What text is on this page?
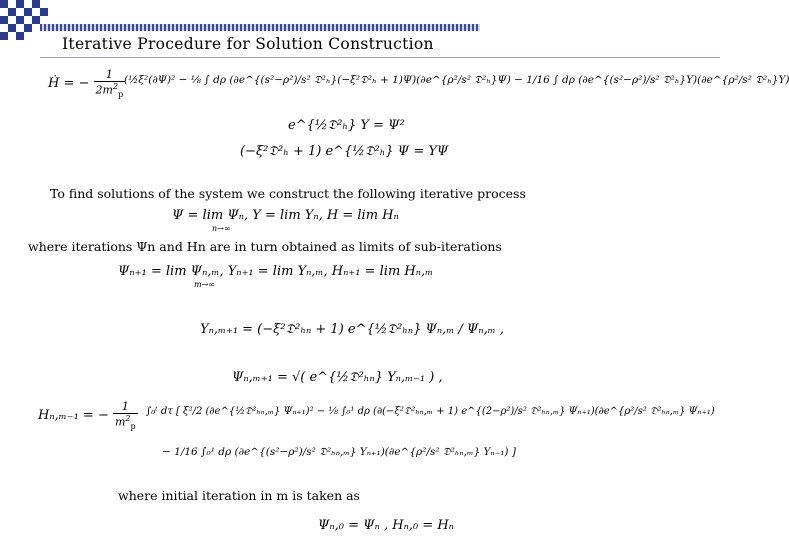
Iterative Procedure for Solution Construction
Ḣ = − $\frac{1}{2m^2_p}$
(½ξ²(∂Ψ)² − ⅛ ∫ dρ (∂e^{(s²−ρ²)/s² 𝔇²ₕ}(−ξ²𝔇²ₕ + 1)Ψ)(∂e^{ρ²/s² 𝔇²ₕ}Ψ) − 1/16 ∫ dρ (∂e^{(s²−ρ²)/s² 𝔇²ₕ}Υ)(∂e^{ρ²/s² 𝔇²ₕ}Υ)
e^{½𝔇²ₕ} Υ = Ψ²
(−ξ²𝔇²ₕ + 1) e^{½𝔇²ₕ} Ψ = ΥΨ
To find solutions of the system we construct the following iterative process
Ψ = lim Ψₙ, Υ = lim Υₙ, H = lim Hₙ
n→∞
where iterations Ψn and Hn are in turn obtained as limits of sub-iterations
Ψₙ₊₁ = lim Ψₙ,ₘ, Υₙ₊₁ = lim Υₙ,ₘ, Hₙ₊₁ = lim Hₙ,ₘ
m→∞
Υₙ,ₘ₊₁ = (−ξ²𝔇²ₕₙ + 1) e^{½𝔇²ₕₙ} Ψₙ,ₘ / Ψₙ,ₘ ,
Ψₙ,ₘ₊₁ = √( e^{½𝔇²ₕₙ} Υₙ,ₘ₋₁ ) ,
Hₙ,ₘ₋₁ = − $\frac{1}{m^2_p}$ ∫₀ᵗ dτ [ ξ²/2 (∂e^{½𝔇²ₕₙ,ₘ} Ψₙ₊₁)² − ⅛ ∫₀¹ dρ (∂(−ξ²𝔇²ₕₙ,ₘ + 1) e^{(2−ρ²)/s² 𝔇²ₕₙ,ₘ} Ψₙ₊₁)(∂e^{ρ²/s² 𝔇²ₕₙ,ₘ} Ψₙ₊₁)
− 1/16 ∫₀¹ dρ (∂e^{(s²−ρ²)/s² 𝔇²ₕₙ,ₘ} Υₙ₊₁)(∂e^{ρ²/s² 𝔇²ₕₙ,ₘ} Υₙ₋₁) ]
where initial iteration in m is taken as
Ψₙ,₀ = Ψₙ , Hₙ,₀ = Hₙ
